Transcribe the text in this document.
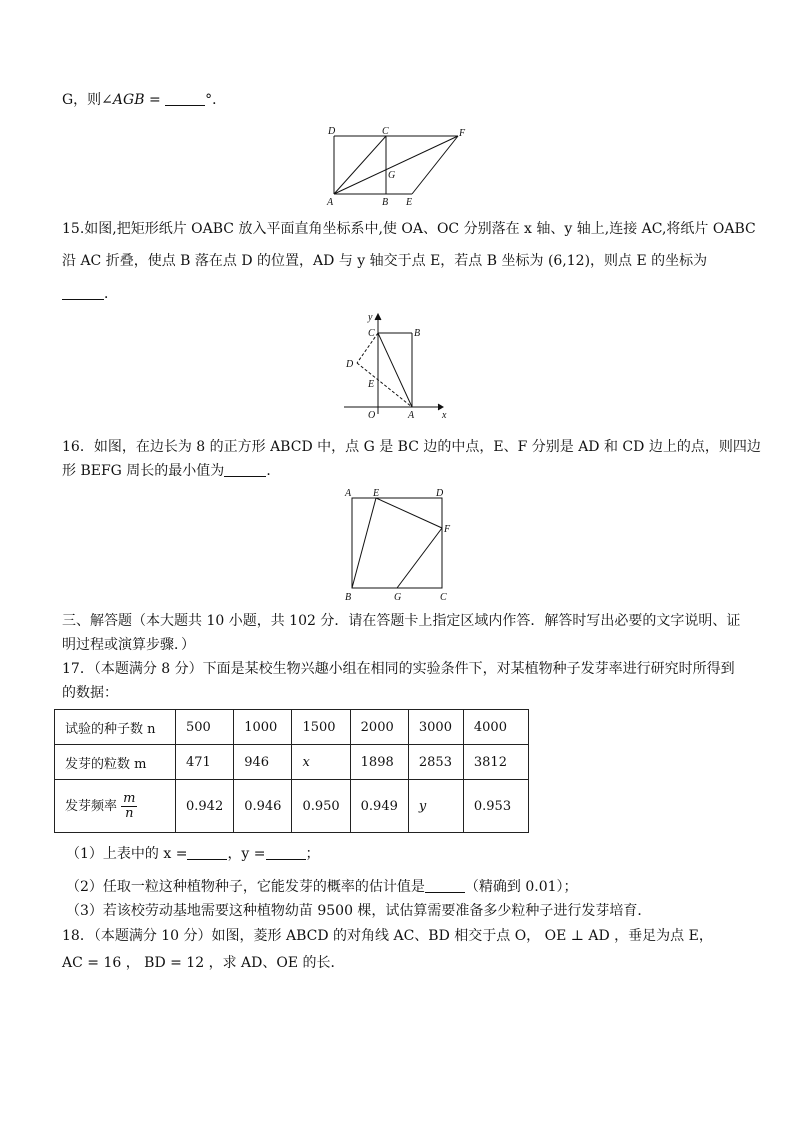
G，则∠AGB =	°．
D	C	F
G
A	B E
15.如图,把矩形纸片 OABC 放入平面直角坐标系中,使 OA、OC 分别落在 x 轴、y 轴上,连接 AC,将纸片 OABC
沿 AC 折叠，使点 B 落在点 D 的位置，AD 与 y 轴交于点 E，若点 B 坐标为 (6,12)，则点 E 的坐标为
．
y
C	B
D
E
O	A	x
16．如图，在边长为 8 的正方形 ABCD 中，点 G 是 BC 边的中点，E、F 分别是 AD 和 CD 边上的点，则四边
形 BEFG 周长的最小值为	．
A E	D
F
B	G	C
三、解答题（本大题共 10 小题，共 102 分．请在答题卡上指定区域内作答．解答时写出必要的文字说明、证
明过程或演算步骤．）
17．（本题满分 8 分）下面是某校生物兴趣小组在相同的实验条件下，对某植物种子发芽率进行研究时所得到
的数据：
试验的种子数 n	500	1000	1500	2000	3000	4000
发芽的粒数 m	471	946	x	1898	2853	3812
发芽频率 $\frac{m}{n}$	0.942	0.946	0.950	0.949	y	0.953
（1）上表中的 x =	，y =	；
（2）任取一粒这种植物种子，它能发芽的概率的估计值是	（精确到 0.01）；
（3）若该校劳动基地需要这种植物幼苗 9500 棵，试估算需要准备多少粒种子进行发芽培育．
18．（本题满分 10 分）如图，菱形 ABCD 的对角线 AC、BD 相交于点 O， OE ⊥ AD ，垂足为点 E，
AC = 16 ， BD = 12 ，求 AD、OE 的长．
